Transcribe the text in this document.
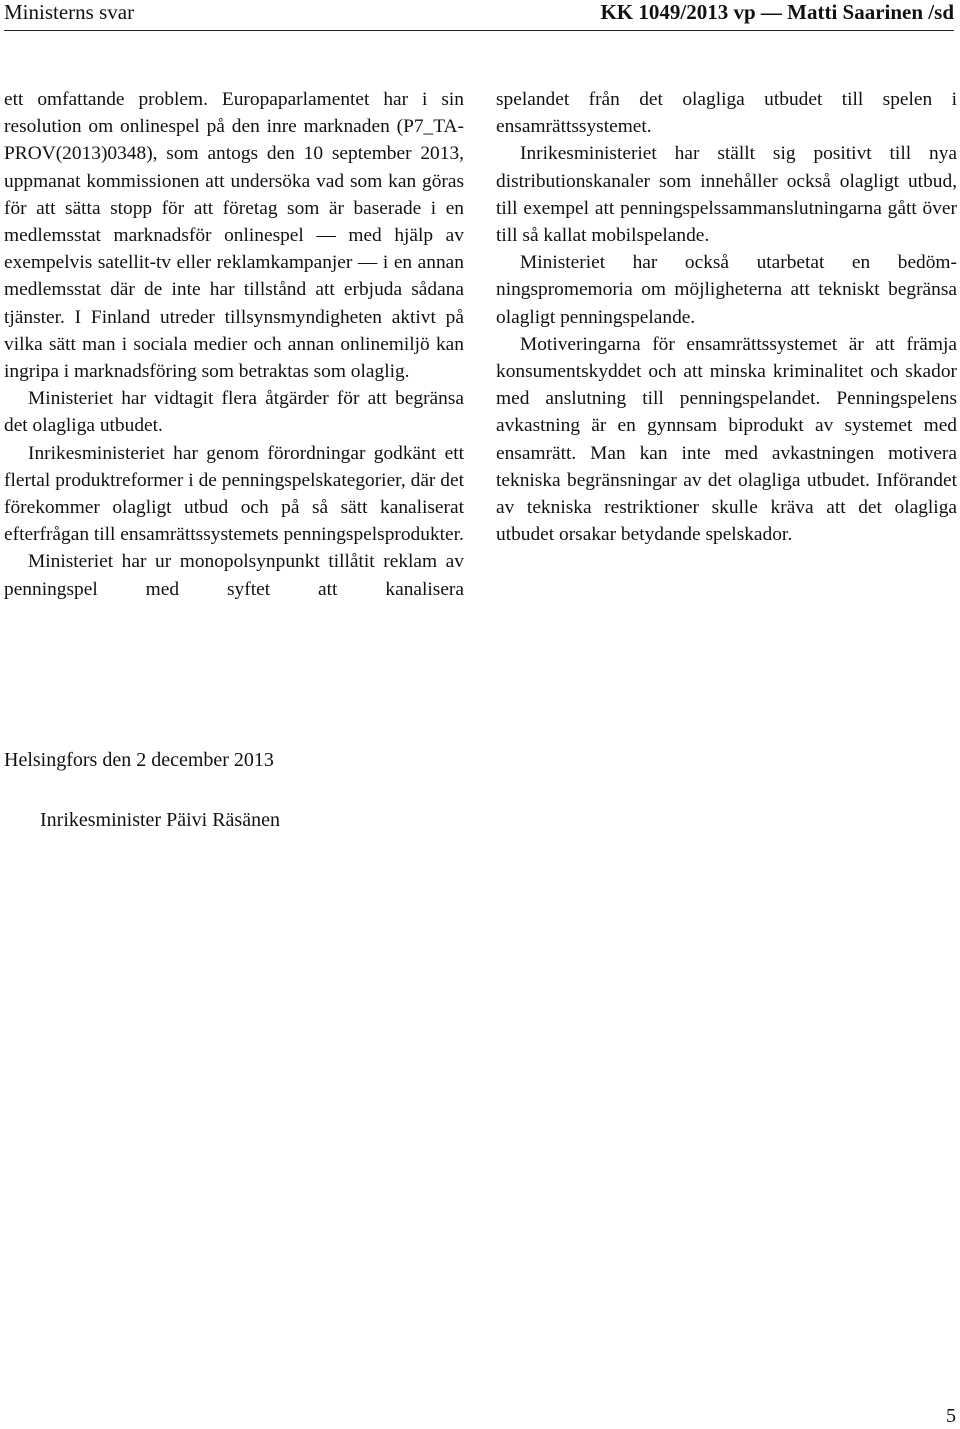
Ministerns svar	KK 1049/2013 vp — Matti Saarinen /sd

ett omfattande problem. Europaparlamentet har i sin resolution om onlinespel på den inre marknaden (P7_TA-PROV(2013)0348), som antogs den 10 september 2013, uppmanat kommissionen att undersöka vad som kan göras för att sätta stopp för att företag som är baserade i en medlemsstat marknadsför onlinespel — med hjälp av exempelvis satellit-tv eller reklamkampanjer — i en annan medlemsstat där de inte har tillstånd att erbjuda sådana tjänster. I Finland utreder tillsynsmyndigheten aktivt på vilka sätt man i sociala medier och annan onlinemiljö kan ingripa i marknadsföring som betraktas som olaglig.

Ministeriet har vidtagit flera åtgärder för att begränsa det olagliga utbudet.

Inrikesministeriet har genom förordningar godkänt ett flertal produktreformer i de penningspelskategorier, där det förekommer olagligt utbud och på så sätt kanaliserat efterfrågan till ensamrättssystemets penningspelsprodukter.

Ministeriet har ur monopolsynpunkt tillåtit reklam av penningspel med syftet att kanalisera

spelandet från det olagliga utbudet till spelen i ensamrättssystemet.

Inrikesministeriet har ställt sig positivt till nya distributionskanaler som innehåller också olagligt utbud, till exempel att penningspelssammanslutningarna gått över till så kallat mobilspelande.

Ministeriet har också utarbetat en bedömningspromemoria om möjligheterna att tekniskt begränsa olagligt penningspelande.

Motiveringarna för ensamrättssystemet är att främja konsumentskyddet och att minska kriminalitet och skador med anslutning till penningspelandet. Penningspelens avkastning är en gynnsam biprodukt av systemet med ensamrätt. Man kan inte med avkastningen motivera tekniska begränsningar av det olagliga utbudet. Införandet av tekniska restriktioner skulle kräva att det olagliga utbudet orsakar betydande spelskador.

Helsingfors den 2 december 2013
Inrikesminister Päivi Räsänen
5
